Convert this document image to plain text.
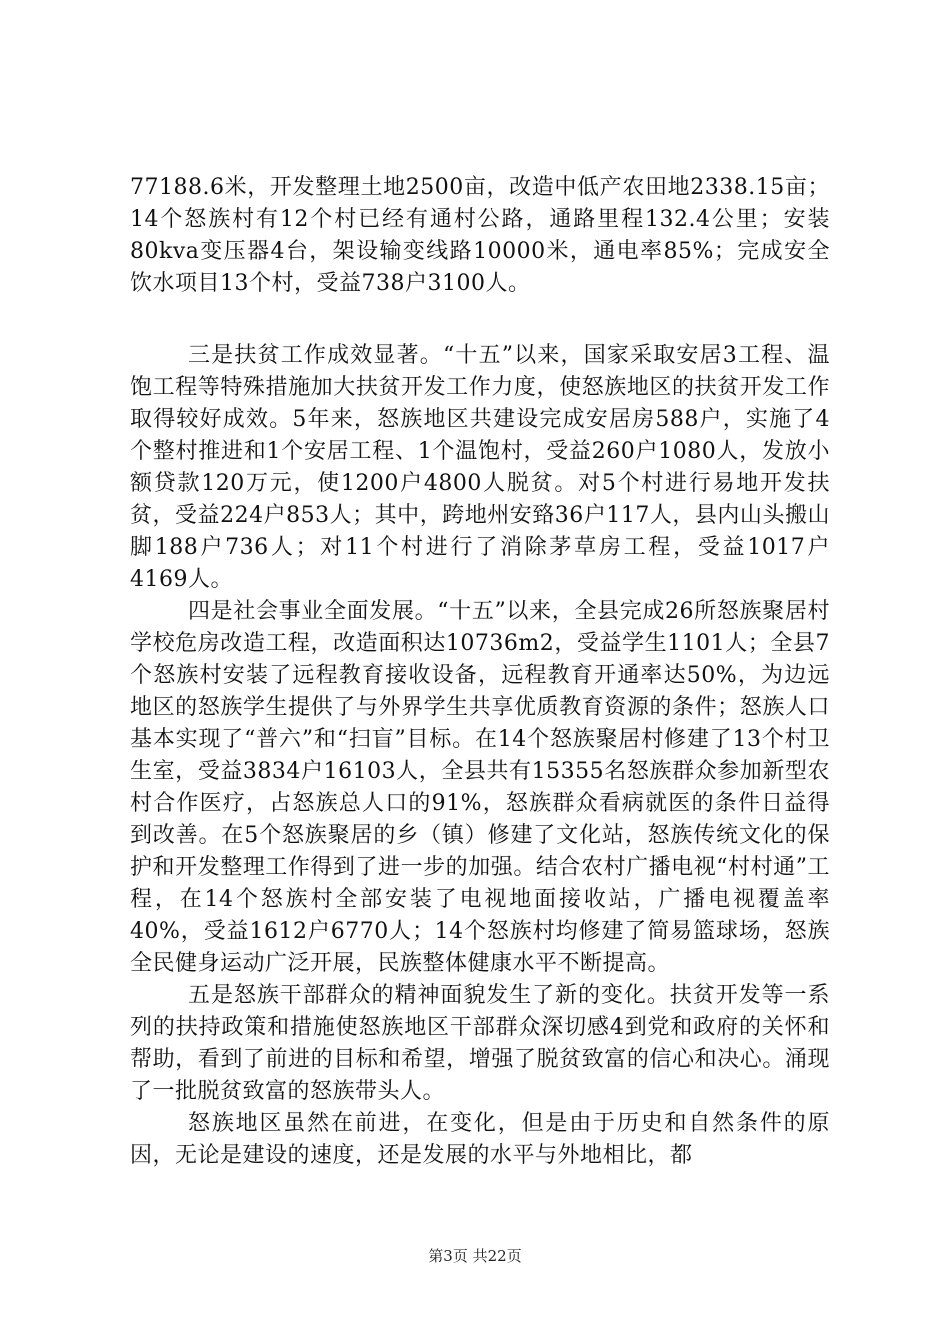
77188.6米，开发整理土地2500亩，改造中低产农田地2338.15亩；14个怒族村有12个村已经有通村公路，通路里程132.4公里；安装80kva变压器4台，架设输变线路10000米，通电率85%；完成安全饮水项目13个村，受益738户3100人。

三是扶贫工作成效显著。“十五”以来，国家采取安居3工程、温饱工程等特殊措施加大扶贫开发工作力度，使怒族地区的扶贫开发工作取得较好成效。5年来，怒族地区共建设完成安居房588户，实施了4个整村推进和1个安居工程、1个温饱村，受益260户1080人，发放小额贷款120万元，使1200户4800人脱贫。对5个村进行易地开发扶贫，受益224户853人；其中，跨地州安臵36户117人，县内山头搬山脚188户736人；对11个村进行了消除茅草房工程，受益1017户4169人。

四是社会事业全面发展。“十五”以来，全县完成26所怒族聚居村学校危房改造工程，改造面积达10736m2，受益学生1101人；全县7个怒族村安装了远程教育接收设备，远程教育开通率达50%，为边远地区的怒族学生提供了与外界学生共享优质教育资源的条件；怒族人口基本实现了“普六”和“扫盲”目标。在14个怒族聚居村修建了13个村卫生室，受益3834户16103人，全县共有15355名怒族群众参加新型农村合作医疗，占怒族总人口的91%，怒族群众看病就医的条件日益得到改善。在5个怒族聚居的乡（镇）修建了文化站，怒族传统文化的保护和开发整理工作得到了进一步的加强。结合农村广播电视“村村通”工程，在14个怒族村全部安装了电视地面接收站，广播电视覆盖率40%，受益1612户6770人；14个怒族村均修建了简易篮球场，怒族全民健身运动广泛开展，民族整体健康水平不断提高。

五是怒族干部群众的精神面貌发生了新的变化。扶贫开发等一系列的扶持政策和措施使怒族地区干部群众深切感4到党和政府的关怀和帮助，看到了前进的目标和希望，增强了脱贫致富的信心和决心。涌现了一批脱贫致富的怒族带头人。

怒族地区虽然在前进，在变化，但是由于历史和自然条件的原因，无论是建设的速度，还是发展的水平与外地相比，都

第3页 共22页
